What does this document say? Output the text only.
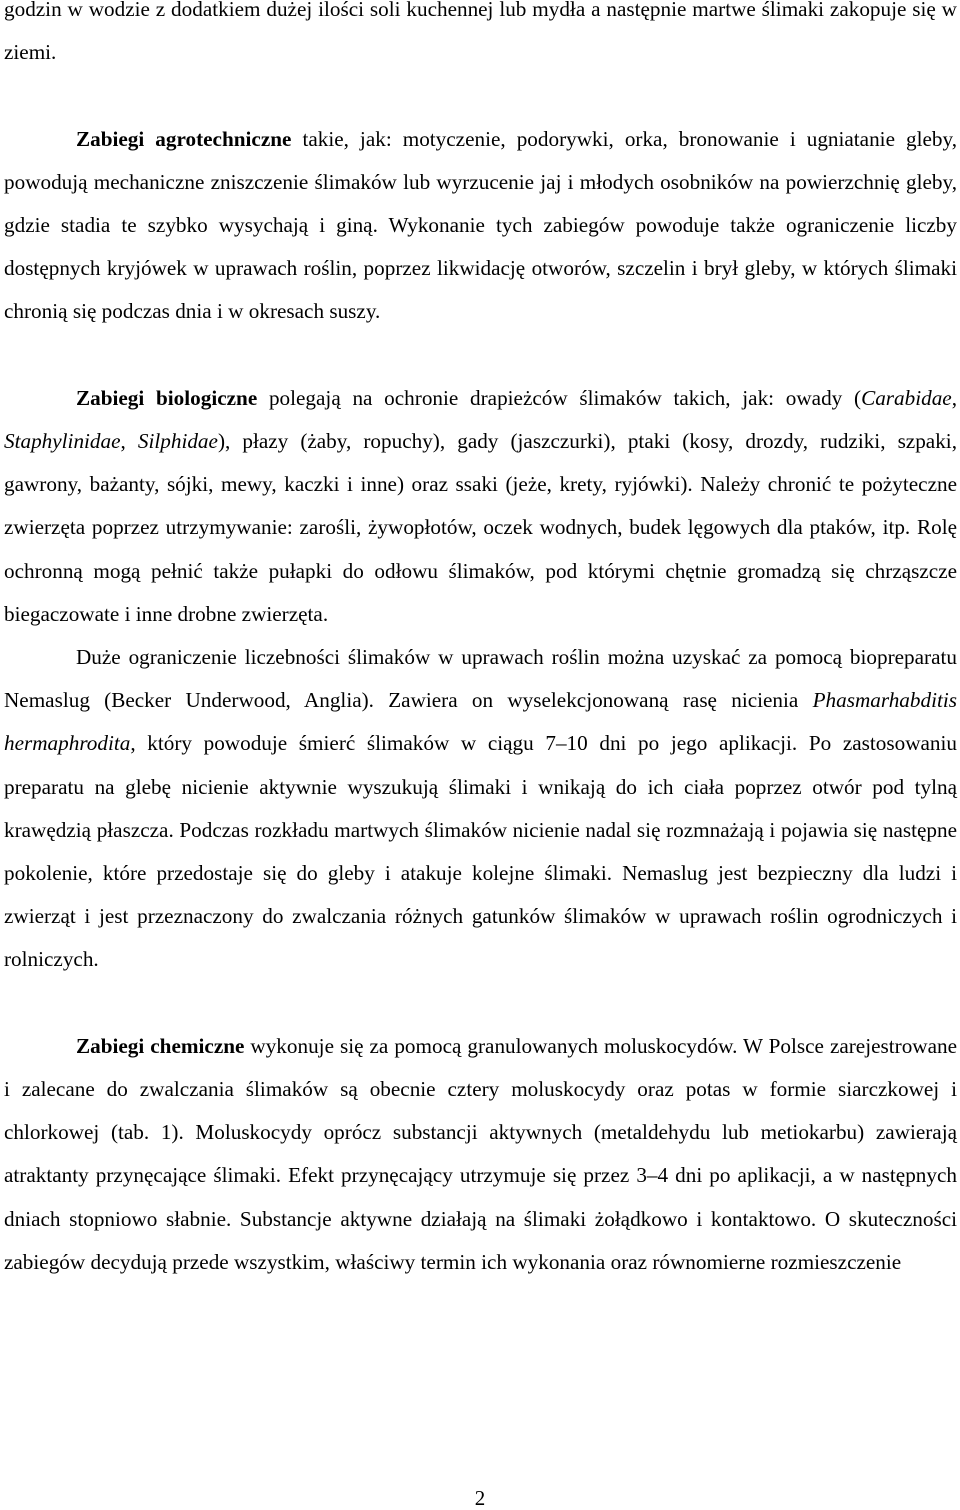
godzin w wodzie z dodatkiem dużej ilości soli kuchennej lub mydła a następnie martwe ślimaki zakopuje się w ziemi.

Zabiegi agrotechniczne takie, jak: motyczenie, podorywki, orka, bronowanie i ugniatanie gleby, powodują mechaniczne zniszczenie ślimaków lub wyrzucenie jaj i młodych osobników na powierzchnię gleby, gdzie stadia te szybko wysychają i giną. Wykonanie tych zabiegów powoduje także ograniczenie liczby dostępnych kryjówek w uprawach roślin, poprzez likwidację otworów, szczelin i brył gleby, w których ślimaki chronią się podczas dnia i w okresach suszy.

Zabiegi biologiczne polegają na ochronie drapieżców ślimaków takich, jak: owady (Carabidae, Staphylinidae, Silphidae), płazy (żaby, ropuchy), gady (jaszczurki), ptaki (kosy, drozdy, rudziki, szpaki, gawrony, bażanty, sójki, mewy, kaczki i inne) oraz ssaki (jeże, krety, ryjówki). Należy chronić te pożyteczne zwierzęta poprzez utrzymywanie: zarośli, żywopłotów, oczek wodnych, budek lęgowych dla ptaków, itp. Rolę ochronną mogą pełnić także pułapki do odłowu ślimaków, pod którymi chętnie gromadzą się chrząszcze biegaczowate i inne drobne zwierzęta.

Duże ograniczenie liczebności ślimaków w uprawach roślin można uzyskać za pomocą biopreparatu Nemaslug (Becker Underwood, Anglia). Zawiera on wyselekcjonowaną rasę nicienia Phasmarhabditis hermaphrodita, który powoduje śmierć ślimaków w ciągu 7–10 dni po jego aplikacji. Po zastosowaniu preparatu na glebę nicienie aktywnie wyszukują ślimaki i wnikają do ich ciała poprzez otwór pod tylną krawędzią płaszcza. Podczas rozkładu martwych ślimaków nicienie nadal się rozmnażają i pojawia się następne pokolenie, które przedostaje się do gleby i atakuje kolejne ślimaki. Nemaslug jest bezpieczny dla ludzi i zwierząt i jest przeznaczony do zwalczania różnych gatunków ślimaków w uprawach roślin ogrodniczych i rolniczych.

Zabiegi chemiczne wykonuje się za pomocą granulowanych moluskocydów. W Polsce zarejestrowane i zalecane do zwalczania ślimaków są obecnie cztery moluskocydy oraz potas w formie siarczkowej i chlorkowej (tab. 1). Moluskocydy oprócz substancji aktywnych (metaldehydu lub metiokarbu) zawierają atraktanty przynęcające ślimaki. Efekt przynęcający utrzymuje się przez 3–4 dni po aplikacji, a w następnych dniach stopniowo słabnie. Substancje aktywne działają na ślimaki żołądkowo i kontaktowo. O skuteczności zabiegów decydują przede wszystkim, właściwy termin ich wykonania oraz równomierne rozmieszczenie

2
